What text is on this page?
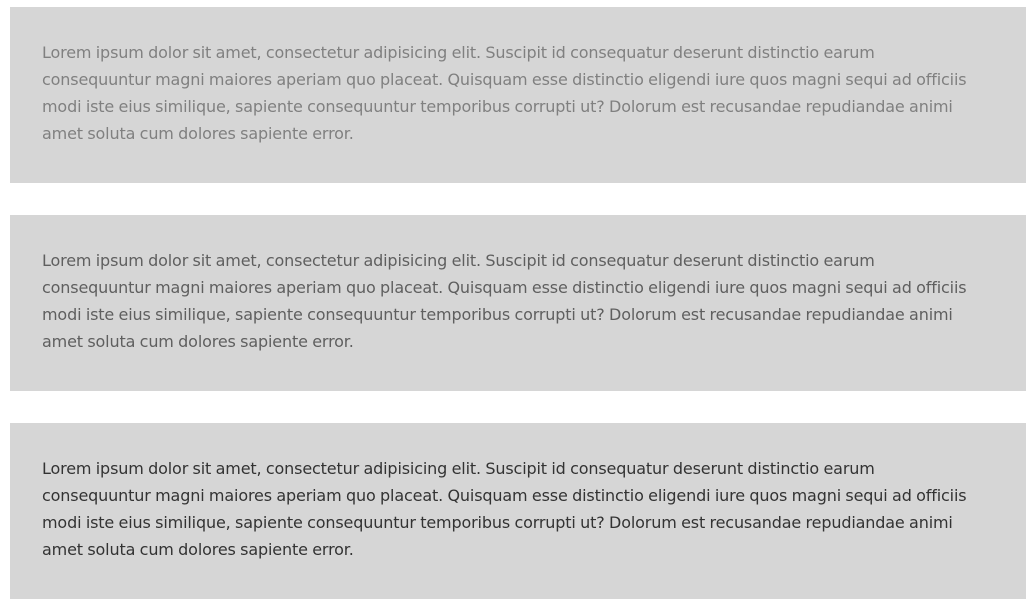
Lorem ipsum dolor sit amet, consectetur adipisicing elit. Suscipit id consequatur deserunt distinctio earum consequuntur magni maiores aperiam quo placeat. Quisquam esse distinctio eligendi iure quos magni sequi ad officiis modi iste eius similique, sapiente consequuntur temporibus corrupti ut? Dolorum est recusandae repudiandae animi amet soluta cum dolores sapiente error.

Lorem ipsum dolor sit amet, consectetur adipisicing elit. Suscipit id consequatur deserunt distinctio earum consequuntur magni maiores aperiam quo placeat. Quisquam esse distinctio eligendi iure quos magni sequi ad officiis modi iste eius similique, sapiente consequuntur temporibus corrupti ut? Dolorum est recusandae repudiandae animi amet soluta cum dolores sapiente error.

Lorem ipsum dolor sit amet, consectetur adipisicing elit. Suscipit id consequatur deserunt distinctio earum consequuntur magni maiores aperiam quo placeat. Quisquam esse distinctio eligendi iure quos magni sequi ad officiis modi iste eius similique, sapiente consequuntur temporibus corrupti ut? Dolorum est recusandae repudiandae animi amet soluta cum dolores sapiente error.
